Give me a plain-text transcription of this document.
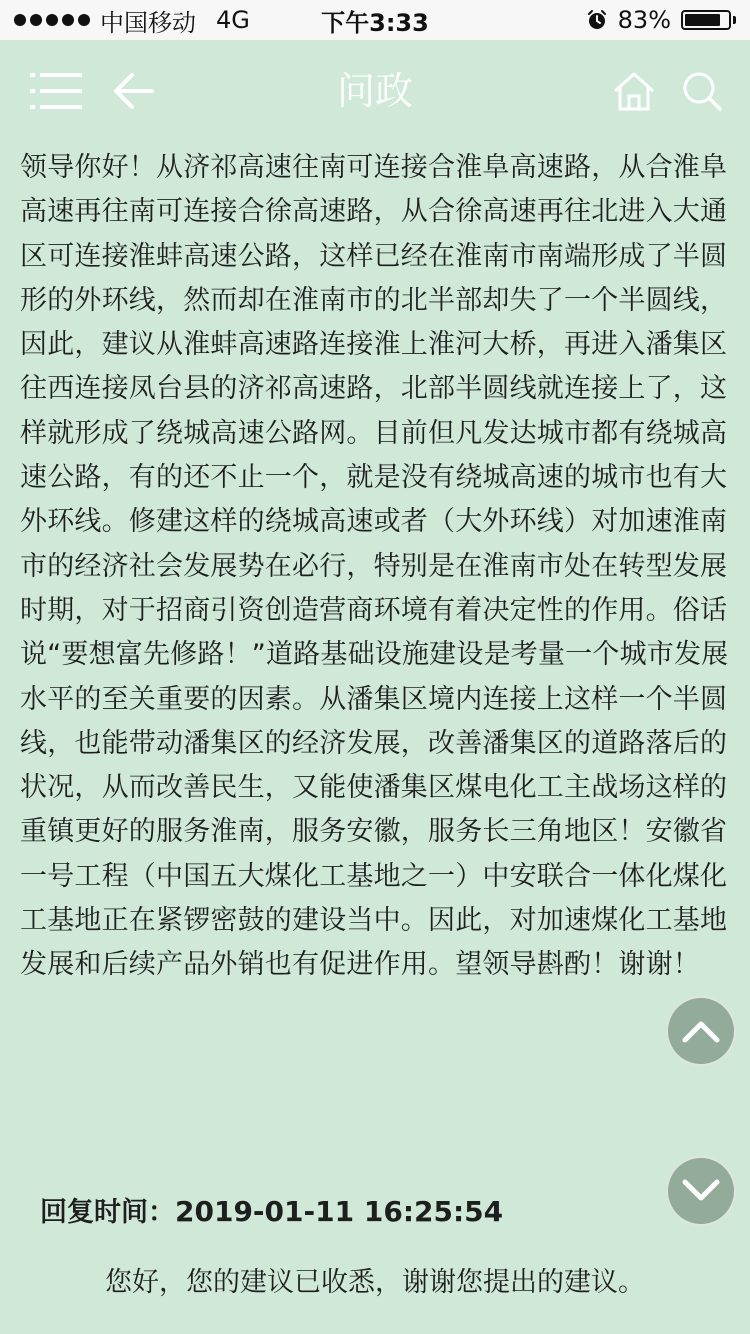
中国移动 4G	下午3:33	83%
问政

领导你好！从济祁高速往南可连接合淮阜高速路，从合淮阜高速再往南可连接合徐高速路，从合徐高速再往北进入大通区可连接淮蚌高速公路，这样已经在淮南市南端形成了半圆形的外环线，然而却在淮南市的北半部却失了一个半圆线，因此，建议从淮蚌高速路连接淮上淮河大桥，再进入潘集区往西连接凤台县的济祁高速路，北部半圆线就连接上了，这样就形成了绕城高速公路网。目前但凡发达城市都有绕城高速公路，有的还不止一个，就是没有绕城高速的城市也有大外环线。修建这样的绕城高速或者（大外环线）对加速淮南市的经济社会发展势在必行，特别是在淮南市处在转型发展时期，对于招商引资创造营商环境有着决定性的作用。俗话说“要想富先修路！”道路基础设施建设是考量一个城市发展水平的至关重要的因素。从潘集区境内连接上这样一个半圆线，也能带动潘集区的经济发展，改善潘集区的道路落后的状况，从而改善民生，又能使潘集区煤电化工主战场这样的重镇更好的服务淮南，服务安徽，服务长三角地区！安徽省一号工程（中国五大煤化工基地之一）中安联合一体化煤化工基地正在紧锣密鼓的建设当中。因此，对加速煤化工基地发展和后续产品外销也有促进作用。望领导斟酌！谢谢！

回复时间：2019-01-11 16:25:54
您好，您的建议已收悉，谢谢您提出的建议。
